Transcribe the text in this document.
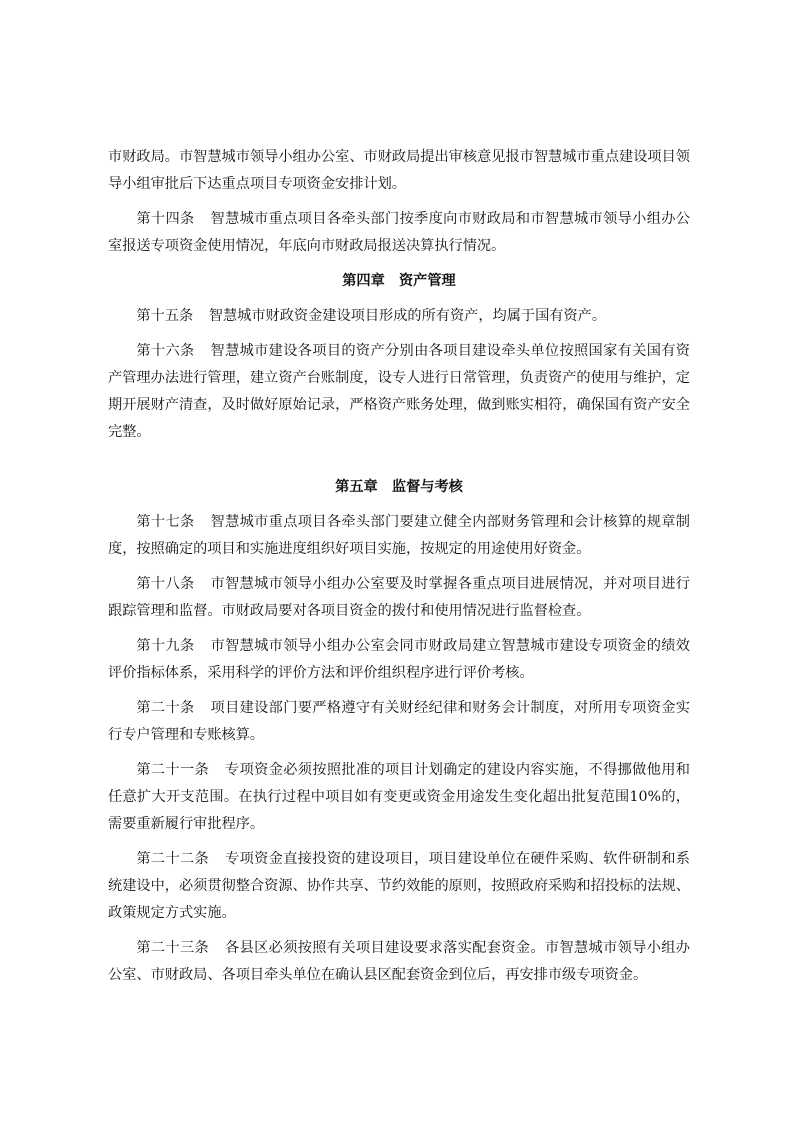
市财政局。市智慧城市领导小组办公室、市财政局提出审核意见报市智慧城市重点建设项目领导小组审批后下达重点项目专项资金安排计划。

第十四条 智慧城市重点项目各牵头部门按季度向市财政局和市智慧城市领导小组办公室报送专项资金使用情况，年底向市财政局报送决算执行情况。

第四章　资产管理

第十五条 智慧城市财政资金建设项目形成的所有资产，均属于国有资产。

第十六条 智慧城市建设各项目的资产分别由各项目建设牵头单位按照国家有关国有资产管理办法进行管理，建立资产台账制度，设专人进行日常管理，负责资产的使用与维护，定期开展财产清查，及时做好原始记录，严格资产账务处理，做到账实相符，确保国有资产安全完整。

第五章　监督与考核

第十七条 智慧城市重点项目各牵头部门要建立健全内部财务管理和会计核算的规章制度，按照确定的项目和实施进度组织好项目实施，按规定的用途使用好资金。

第十八条 市智慧城市领导小组办公室要及时掌握各重点项目进展情况，并对项目进行跟踪管理和监督。市财政局要对各项目资金的拨付和使用情况进行监督检查。

第十九条 市智慧城市领导小组办公室会同市财政局建立智慧城市建设专项资金的绩效评价指标体系，采用科学的评价方法和评价组织程序进行评价考核。

第二十条 项目建设部门要严格遵守有关财经纪律和财务会计制度，对所用专项资金实行专户管理和专账核算。

第二十一条 专项资金必须按照批准的项目计划确定的建设内容实施，不得挪做他用和任意扩大开支范围。在执行过程中项目如有变更或资金用途发生变化超出批复范围10%的，需要重新履行审批程序。

第二十二条 专项资金直接投资的建设项目，项目建设单位在硬件采购、软件研制和系统建设中，必须贯彻整合资源、协作共享、节约效能的原则，按照政府采购和招投标的法规、政策规定方式实施。

第二十三条 各县区必须按照有关项目建设要求落实配套资金。市智慧城市领导小组办公室、市财政局、各项目牵头单位在确认县区配套资金到位后，再安排市级专项资金。
